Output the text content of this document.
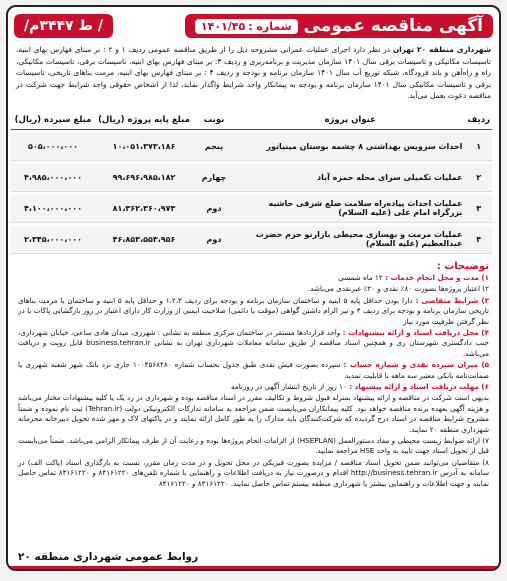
آگهی مناقصه عمومی
شماره :
۱۴۰۱/۴۵
/ ط ۳۴۴۷م/
شهرداری منطقه ۲۰ تهران در نظر دارد اجرای عملیات عمرانی مشروحه ذیل را از طریق مناقصه عمومی ردیف ۱ و ۲ : بر مبنای فهارس بهای ابنیه، تاسیسات مکانیکی و تاسیسات برقی سال ۱۴۰۱ سازمان مدیریت و برنامه‌ریزی و ردیف ۳: بر مبنای فهارس بهای ابنیه، تاسیسات برقی، تاسیسات مکانیکی، راه و راه‌آهن و باند فرودگاه، شبکه توزیع آب سال ۱۴۰۱ سازمان برنامه و بودجه و ردیف ۴ : بر مبنای فهارس بهای ابنیه، مرمت بناهای تاریخی، تاسیسات برقی و تاسیسات مکانیکی سال ۱۴۰۱ سازمان برنامه و بودجه به پیمانکار واجد شرایط واگذار نماید، لذا از اشخاص حقوقی واجد شرایط جهت شرکت در مناقصه دعوت بعمل می‌آید.
ردیف	عنوان پروژه	نوبت	مبلغ پایه پروژه (ریال)	مبلغ سپرده (ریال)
۱	احداث سرویس بهداشتی ۸ چشمه بوستان مینیاتور	پنجم	۱۰،۰۵۱،۳۷۳،۱۸۶	۵۰۵،۰۰۰،۰۰۰
۲	عملیات تکمیلی سرای محله حمزه آباد	چهارم	۹۹،۶۹۶،۹۸۵،۱۸۲	۴،۹۸۵،۰۰۰،۰۰۰
۳	عملیات احداث پیاده‌راه سلامت ضلع شرقی حاشیه بزرگراه امام علی (علیه السلام)	دوم	۸۱،۳۶۲،۳۶۰،۹۷۳	۴،۱۰۰،۰۰۰،۰۰۰
۴	عملیات مرمت و بهسازی محیطی بازارنو حرم حضرت عبدالعظیم (علیه السلام)	دوم	۴۶،۸۵۳،۵۵۳،۹۵۶	۲،۳۴۵،۰۰۰،۰۰۰
توضیحات :

۱) مدت و محل انجام خدمات : ۱۲ ماه شمسی

۲) اعتبار پروژه‌ها بصورت ۸۰٪ نقدی و ۲۰٪ غیرنقدی می‌باشد.

۳) شرایط متقاضی : دارا بودن حداقل پایه ۵ ابنیه و ساختمان سازمان برنامه و بودجه برای ردیف ۱،۲،۳ و حداقل پایه ۵ ابنیه و ساختمان یا مرمت بناهای تاریخی سازمان برنامه و بودجه برای ردیف ۴ و نیز الزام داشتن گواهی (موقت یا دائمی) صلاحیت ایمنی از وزارت کار دارای اعتبار در روز بازگشایی پاکات با در نظر گرفتن ظرفیت مورد نیاز

۴) محل دریافت اسناد و ارائه پیشنهادات : واحد قراردادها مستقر در ساختمان مرکزی منطقه به نشانی : شهرری، میدان هادی ساعی، خیابان شهرداری، جنب دادگستری شهرستان ری و همچنین اسناد مناقصه از طریق سامانه معاملات شهرداری تهران به نشانی business.tehran.ir قابل رویت و دریافت می‌باشد.

۵) میزان سپرده نقدی و شماره حساب : سپرده بصورت فیش نقدی طبق جدول بحساب شماره ۱۰۰۴۵۶۸۴۸۰ جاری نزد بانک شهر شعبه شهرری یا ضمانت‌نامه بانکی معتبر سه ماهه با قابلیت تمدید

۶) مهلت دریافت اسناد و ارائه پیشنهاد : ۱۰ روز از تاریخ انتشار آگهی در روزنامه

بدیهی است شرکت در مناقصه و ارائه پیشنهاد بمنزله قبول شروط و تکالیف مقرر در اسناد مناقصه بوده و شهرداری در رد یک یا کلیه پیشنهادات مختار می‌باشد و هزینه آگهی بعهده برنده مناقصه خواهد بود. کلیه پیمانکاران می‌بایست ضمن مراجعه به سامانه تدارکات الکترونیکی دولت (Tehran.ir) ثبت نام نموده و ضمناً مشروح شرایط مناقصه در اسناد درج گردیده که شرکت‌کنندگان باید مدارک را به طور کامل ارائه نمایند و در پاکتهای لاک و مهر شده تحویل دبیرخانه محرمانه شهرداری منطقه ۲۰ نمایند.

۷) ارائه ضوابط زیست محیطی و مفاد دستورالعمل (HSEPLAN) از الزامات انجام پروژه‌ها بوده و رعایت آن از طرف پیمانکار الزامی می‌باشد. ضمناً می‌بایست قبل از تحویل اسناد جهت تایید به واحد HSE مراجعه نمایید.

۸) متقاضیان می‌توانند ضمن تحویل اسناد مناقصه / مزایده بصورت فیزیکی در محل تحویل و در مدت زمان مقرر، نسبت به بارگذاری اسناد (پاکت الف) در سامانه به آدرس http://business.tehran.ir اقدام و درصورت نیاز به دریافت اطلاعات و راهنمایی با شماره تلفن‌های ۸۴۱۶۱۲۲۰ و ۸۴۱۶۱۲۲۰ تماس حاصل نمایند و جهت اطلاعات و راهنمایی بیشتر با شهرداری منطقه بیستم تماس حاصل نمایند. ۸۴۱۶۱۲۲۰ و ۸۴۱۶۱۲۲۰

روابط عمومی شهرداری منطقه ۲۰
